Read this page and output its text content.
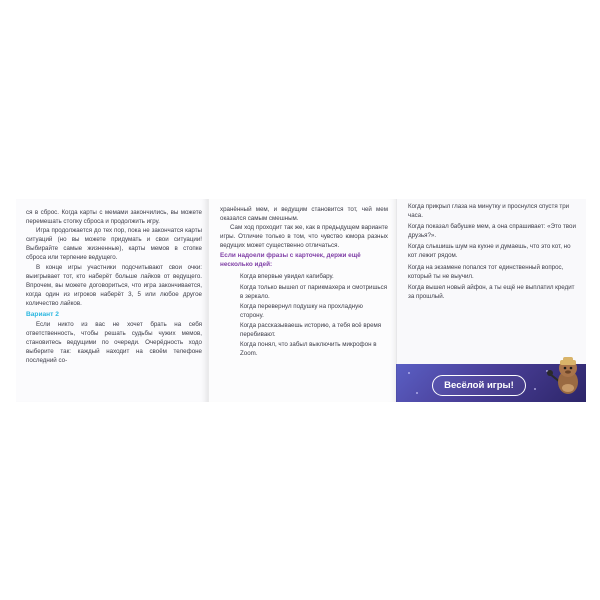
ся в сброс. Когда карты с мемами закончились, вы можете перемешать стопку сброса и продолжить игру.

Игра продолжается до тех пор, пока не закончатся карты ситуаций (но вы можете придумать и свои ситуации! Выбирайте самые жизненные), карты мемов в стопке сброса или терпение ведущего.

В конце игры участники подсчитывают свои очки: выигрывает тот, кто наберёт больше лайков от ведущего. Впрочем, вы можете договориться, что игра закончивается, когда один из игроков наберёт 3, 5 или любое другое количество лайков.

Вариант 2

Если никто из вас не хочет брать на себя ответственность, чтобы решать судьбы чужих мемов, становитесь ведущими по очереди. Очерёдность ходо выберите так: каждый находит на своём телефоне последний со-

хранённый мем, и ведущим становится тот, чей мем оказался самым смешным.

Сам ход проходит так же, как в предыдущем варианте игры. Отличие только в том, что чувство юмора разных ведущих может существенно отличаться.

Если надоели фразы с карточек, держи ещё несколько идей:

Когда впервые увидел капибару.

Когда только вышел от парикмахера и смотришься в зеркало.

Когда перевернул подушку на прохладную сторону.

Когда рассказываешь историю, а тебя всё время перебивают.

Когда понял, что забыл выключить микрофон в Zoom.

Когда прикрыл глаза на минутку и проснулся спустя три часа.

Когда показал бабушке мем, а она спрашивает: «Это твои друзья?».

Когда слышишь шум на кухне и думаешь, что это кот, но кот лежит рядом.

Когда на экзамене попался тот единственный вопрос, который ты не выучил.

Когда вышел новый айфон, а ты ещё не выплатил кредит за прошлый.

Весёлой игры!
